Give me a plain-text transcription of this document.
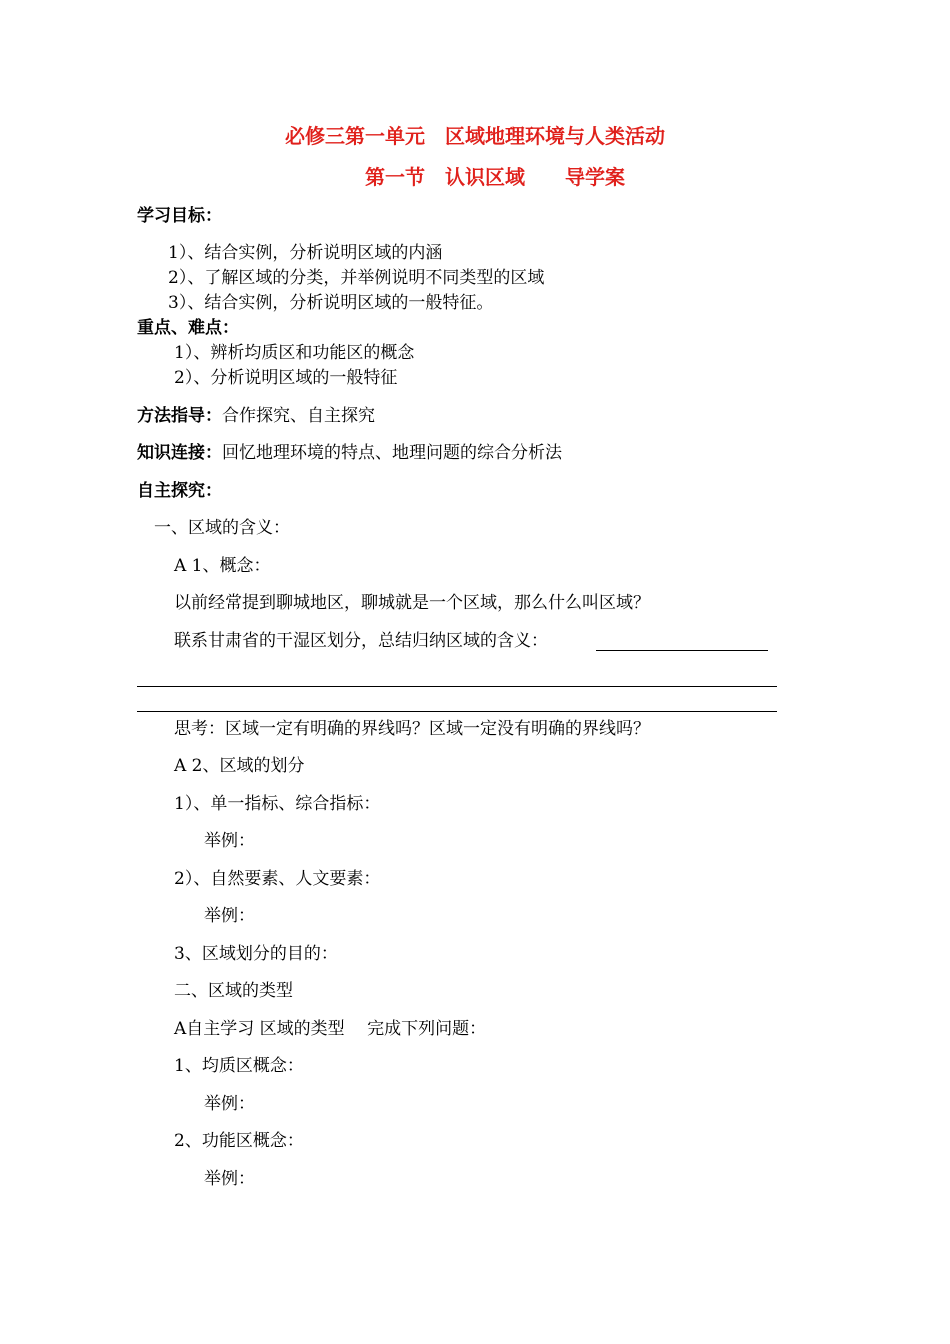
必修三第一单元　区域地理环境与人类活动
第一节　认识区域　　导学案
学习目标：
1）、结合实例，分析说明区域的内涵
2）、了解区域的分类，并举例说明不同类型的区域
3）、结合实例，分析说明区域的一般特征。
重点、难点：
1）、辨析均质区和功能区的概念
2）、分析说明区域的一般特征
方法指导：合作探究、自主探究
知识连接：回忆地理环境的特点、地理问题的综合分析法
自主探究：
一、区域的含义：
A 1、概念：
以前经常提到聊城地区，聊城就是一个区域，那么什么叫区域？
联系甘肃省的干湿区划分，总结归纳区域的含义：
思考：区域一定有明确的界线吗？区域一定没有明确的界线吗？
A 2、区域的划分
1）、单一指标、综合指标：
举例：
2）、自然要素、人文要素：
举例：
3、区域划分的目的：
二、区域的类型
A自主学习 区域的类型　 完成下列问题：
1、均质区概念：
举例：
2、功能区概念：
举例：
